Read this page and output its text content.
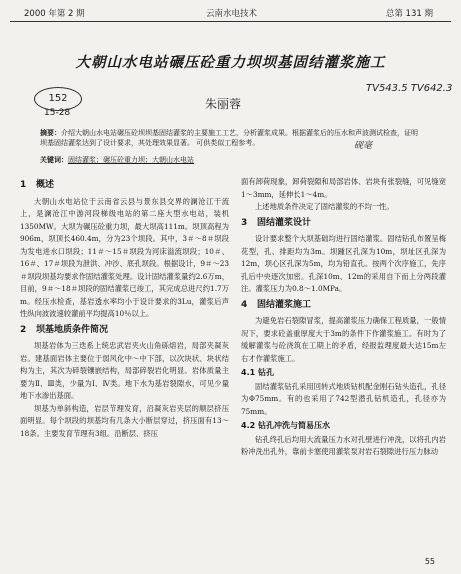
2000 年第 2 期	云南水电技术	总第 131 期
152
15-28
TV543.5 TV642.3
大朝山水电站碾压砼重力坝坝基固结灌浆施工
朱丽蓉
摘要：介绍大朝山水电站碾压砼坝坝基固结灌浆的主要施工工艺，分析灌浆成果。根据灌浆后的压水和声波测试检查，证明坝基固结灌浆达到了设计要求，其处理效果显著。 可供类似工程参考。
关键词：固结灌浆；碾压砼重力坝；大朝山水电站
砚毫
1 概述

大朝山水电站位于云南省云县与景东县交界的澜沧江干流上，是澜沧江中游河段梯级电站的第二座大型水电站，装机1350MW。大坝为碾压砼重力坝，最大坝高111m。坝顶高程为906m，坝顶长460.4m，分为23个坝段。其中，3＃～8＃坝段为发电进水口坝段；11＃～15＃坝段为河床溢流坝段；10＃、16＃、17＃坝段为泄洪、冲沙、底孔坝段。根据设计，9＃～23＃坝段坝基均要求作固结灌浆处理。设计固结灌浆量约2.6万m，目前，9＃～18＃坝段的固结灌浆已竣工，其完成总进尺约1.7万m。经压水检查，基岩透水率均小于设计要求的3Lu，灌浆后声性纵向波波速较灌前平均提高10％以上。

2 坝基地质条件简况

坝基岩体为三迭系上统忠武岩夹火山角砾熔岩，局部夹凝灰岩。建基面岩体主要位于弱风化中～中下部，以次块状、块状结构为主，其次为碎裂镶嵌结构，局部碎裂岩化明显。岩体质量主要为Ⅱ、Ⅲ类，少量为Ⅰ、Ⅳ类。地下水为基岩裂隙水，可见少量地下水渗出基面。

坝基为单斜构造，岩层节理发育，沿凝灰岩夹层的顺层挤压面明显。每个坝段的坝基均有几条大小断层穿过，挤压面有13～18条。主要发育节理有3组。沿断层、挤压

面有卸荷现象，卸荷裂隙和局部岩体、岩块有张裂缝，可见缝宽1～3mm，延伸长1～4m。

上述地质条件决定了固结灌浆的不均一性。

3 固结灌浆设计

设计要求整个大坝基础均进行固结灌浆。固结钻孔布置呈梅花型，孔、排距均为3m。坝踵区孔深为10m，坝址区孔深为12m，坝心区孔深为5m，均为铅直孔。按两个次序施工，先序孔后中央逐次加密。孔深10m、12m的采用自下而上分两段灌注。灌浆压力为0.8～1.0MPa。

4 固结灌浆施工

为避免岩石裂隙冒浆，提高灌浆压力确保工程质量，一般情况下，要求砼盖重厚度大于3m的条件下作灌浆施工。有时为了缓解灌浆与砼浇筑在工期上的矛盾，经报监理度最大达15m左右才作灌浆施工。

4.1 钻孔

固结灌浆钻孔采用回转式地质钻机配金刚石钻头造孔，孔径为Φ75mm。有的也采用了742型潜孔钻机造孔，孔径亦为75mm。

4.2 钻孔冲洗与简易压水

钻孔终孔后均用大流量压力水对孔壁进行冲洗，以将孔内岩粉冲洗出孔外，靠前卡塞使用灌浆泵对岩石裂隙进行压力脉动

55
